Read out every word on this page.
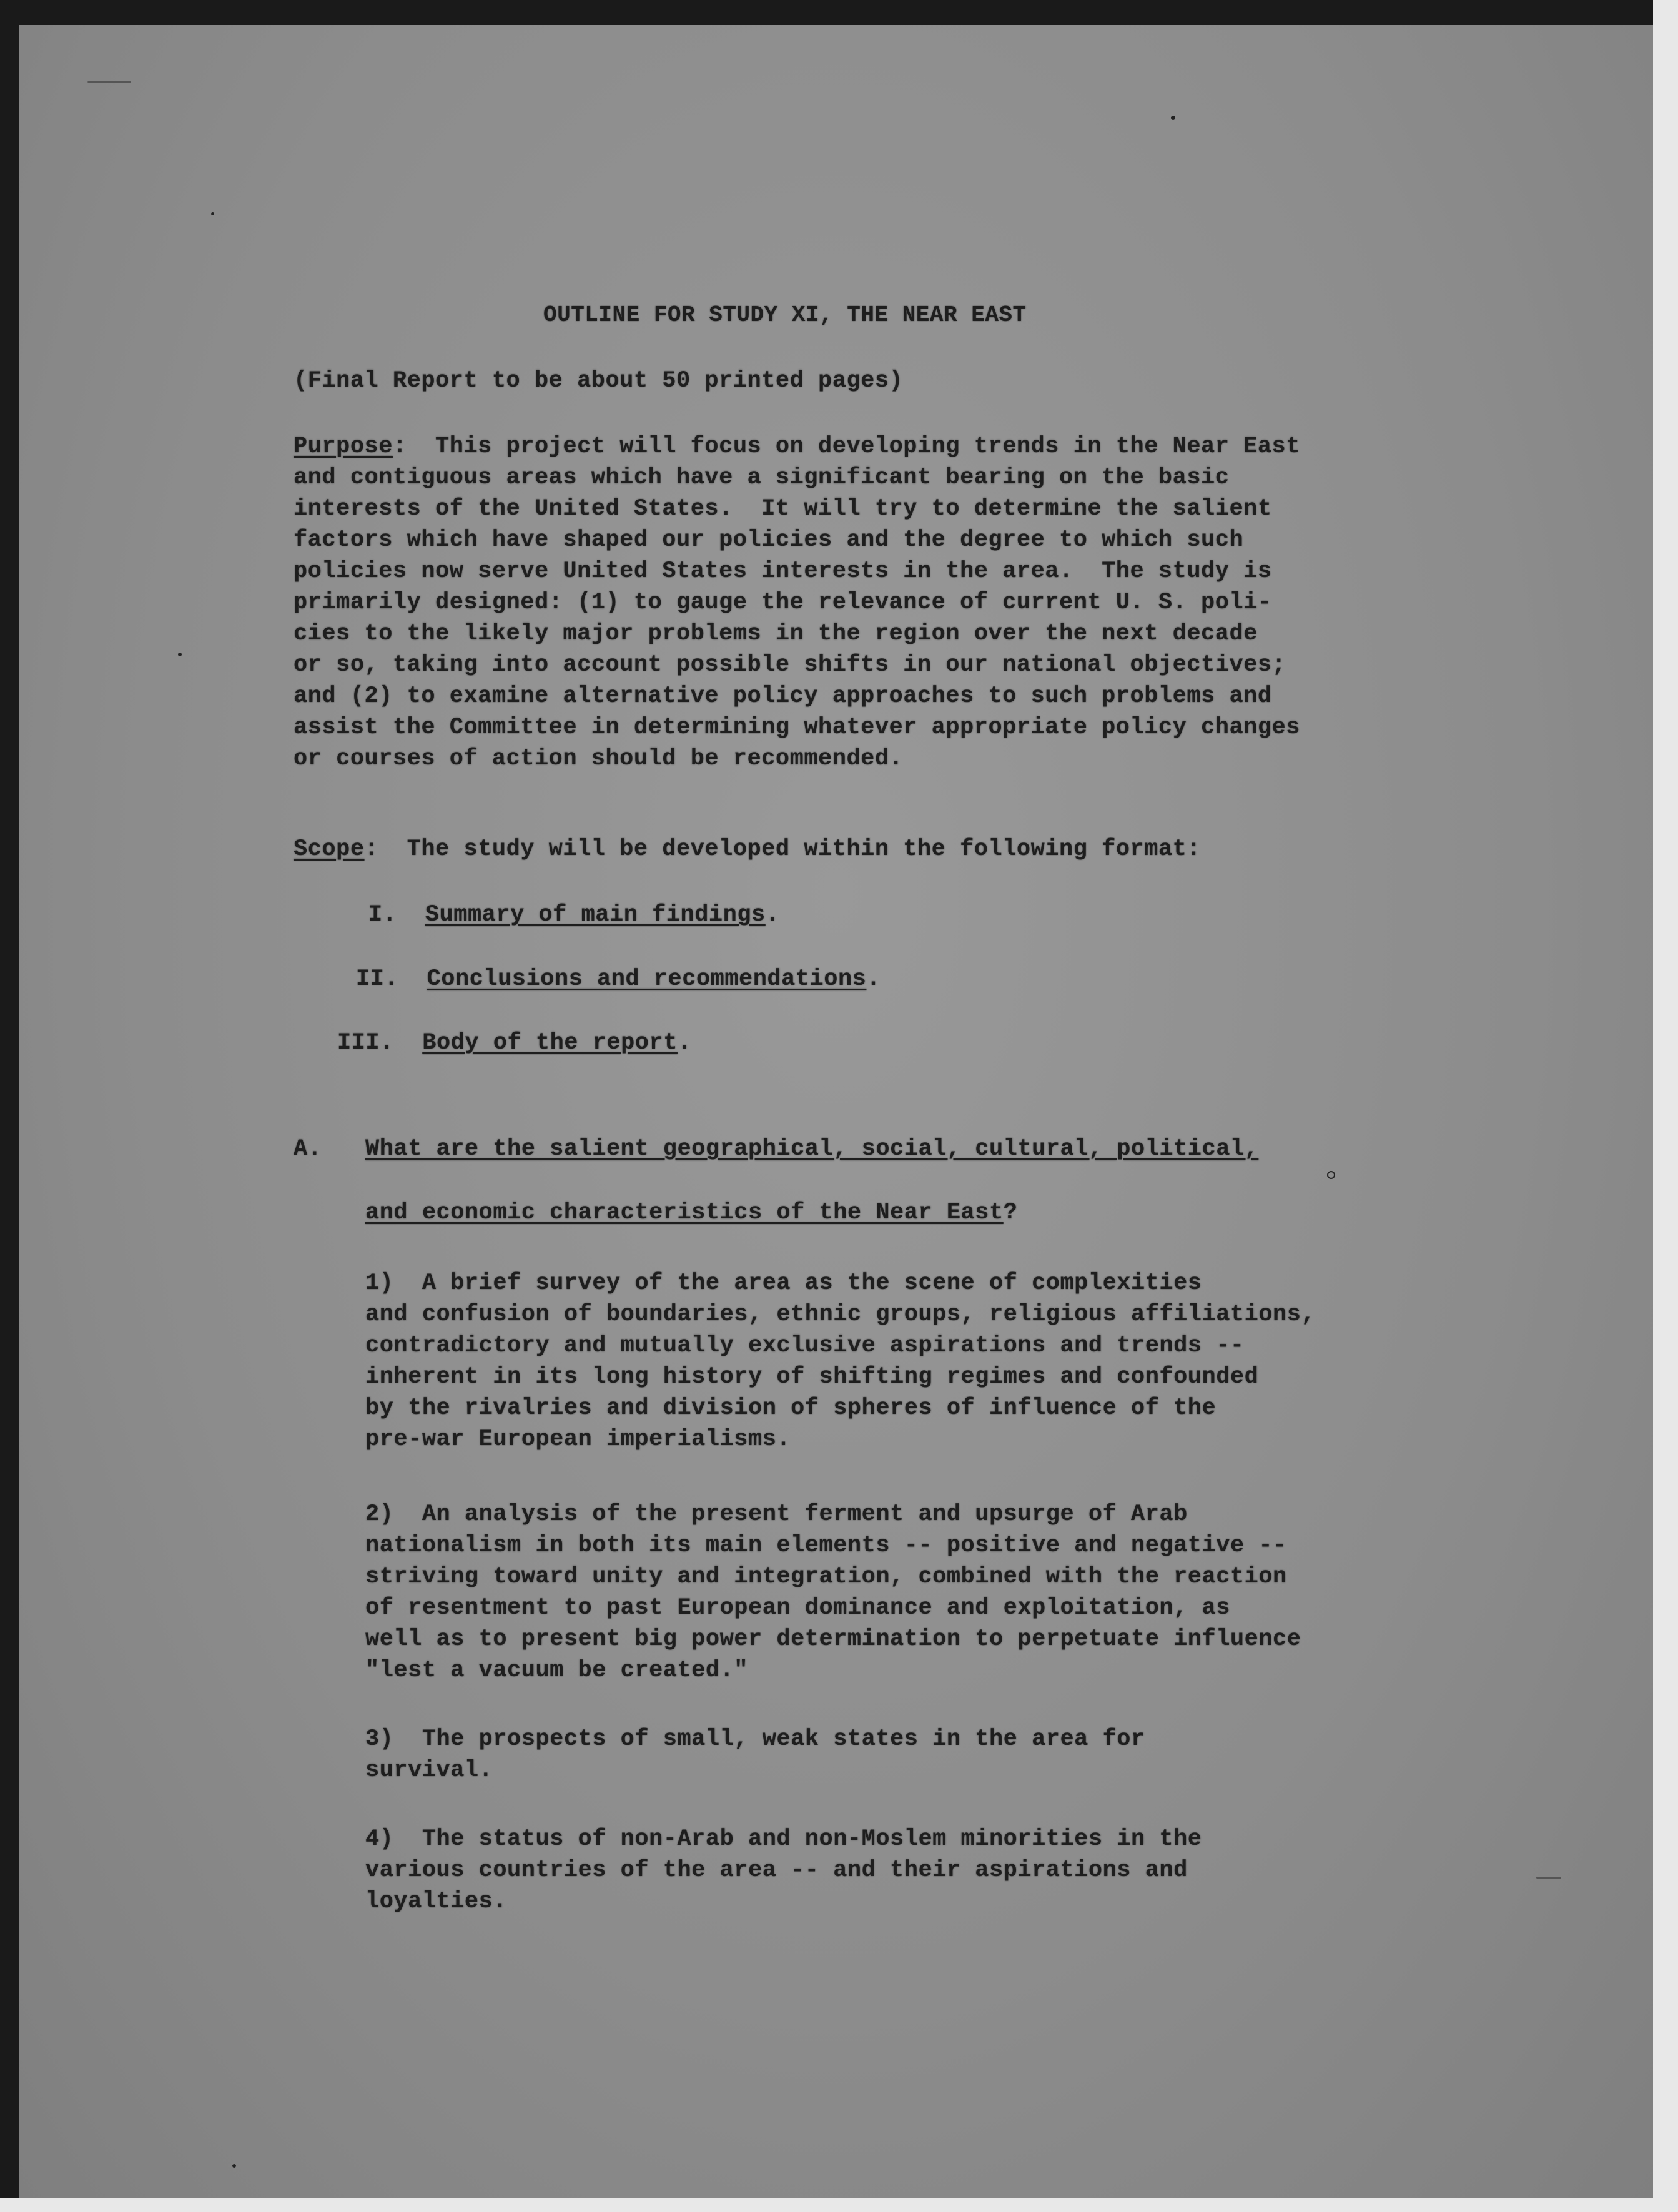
OUTLINE FOR STUDY XI, THE NEAR EAST
(Final Report to be about 50 printed pages)
Purpose:  This project will focus on developing trends in the Near East
and contiguous areas which have a significant bearing on the basic
interests of the United States.  It will try to determine the salient
factors which have shaped our policies and the degree to which such
policies now serve United States interests in the area.  The study is
primarily designed: (1) to gauge the relevance of current U. S. poli-
cies to the likely major problems in the region over the next decade
or so, taking into account possible shifts in our national objectives;
and (2) to examine alternative policy approaches to such problems and
assist the Committee in determining whatever appropriate policy changes
or courses of action should be recommended.
Scope:  The study will be developed within the following format:
I. Summary of main findings.
II. Conclusions and recommendations.
III. Body of the report.
A. What are the salient geographical, social, cultural, political,
and economic characteristics of the Near East?
1)  A brief survey of the area as the scene of complexities
and confusion of boundaries, ethnic groups, religious affiliations,
contradictory and mutually exclusive aspirations and trends --
inherent in its long history of shifting regimes and confounded
by the rivalries and division of spheres of influence of the
pre-war European imperialisms.
2)  An analysis of the present ferment and upsurge of Arab
nationalism in both its main elements -- positive and negative --
striving toward unity and integration, combined with the reaction
of resentment to past European dominance and exploitation, as
well as to present big power determination to perpetuate influence
"lest a vacuum be created."
3)  The prospects of small, weak states in the area for
survival.
4)  The status of non-Arab and non-Moslem minorities in the
various countries of the area -- and their aspirations and
loyalties.
